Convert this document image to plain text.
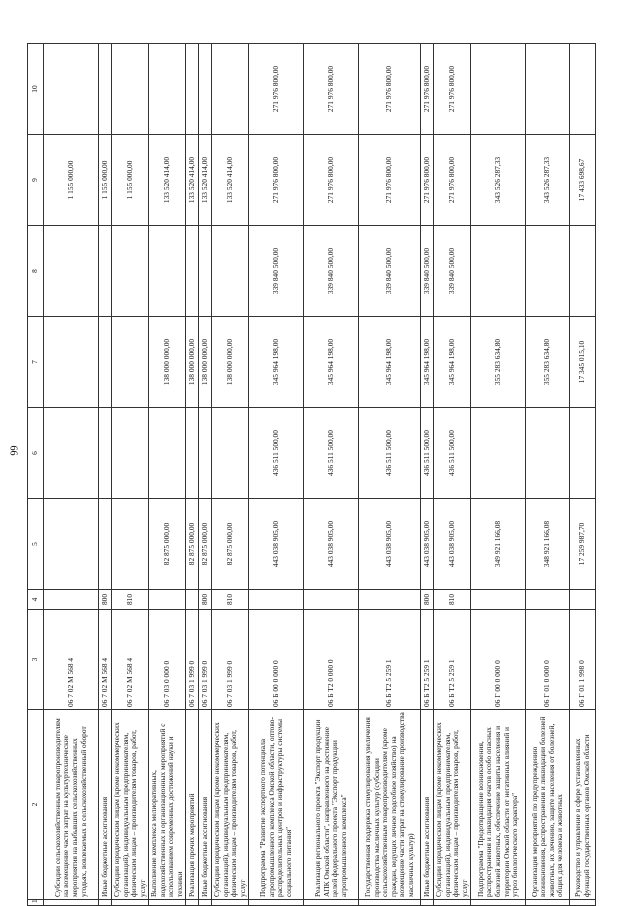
66
1	2	3	4	5	6	7	8	9	10
	Субсидии сельскохозяйственным товаропроизводителям на возмещение части затрат на культуртехнические мероприятия на выбывших сельскохозяйственных угодьях, вовлекаемых в сельскохозяйственный оборот	06 7 02 M 568 4						1 155 000,00	
	Иные бюджетные ассигнования	06 7 02 M 568 4	800					1 155 000,00	
	Субсидии юридическим лицам (кроме некоммерческих организаций), индивидуальным предпринимателям, физическим лицам – производителям товаров, работ, услуг	06 7 02 M 568 4	810					1 155 000,00	
	Выполнение комплекса мелиоративных, водохозяйственных и организационных мероприятий с использованием современных достижений науки и техники	06 7 03 0 000 0		82 875 000,00		138 000 000,00		133 520 414,00	
	Реализация прочих мероприятий	06 7 03 1 999 0		82 875 000,00		138 000 000,00		133 520 414,00	
	Иные бюджетные ассигнования	06 7 03 1 999 0	800	82 875 000,00		138 000 000,00		133 520 414,00	
	Субсидии юридическим лицам (кроме некоммерческих организаций), индивидуальным предпринимателям, физическим лицам – производителям товаров, работ, услуг	06 7 03 1 999 0	810	82 875 000,00		138 000 000,00		133 520 414,00	
	Подпрограмма "Развитие экспортного потенциала агропромышленного комплекса Омской области, оптово-распределительных центров и инфраструктуры системы социального питания"	06 Б 00 0 000 0		443 038 905,00	436 511 500,00	345 964 198,00	339 840 500,00	271 976 800,00	271 976 800,00
	Реализация регионального проекта "Экспорт продукции АПК Омской области", направленного на достижение целей федерального проекта "Экспорт продукции агропромышленного комплекса"	06 Б T2 0 000 0		443 038 905,00	436 511 500,00	345 964 198,00	339 840 500,00	271 976 800,00	271 976 800,00
	Государственная поддержка стимулирования увеличения производства масличных культур (субсидии сельскохозяйственным товаропроизводителям (кроме граждан, ведущих личное подсобное хозяйство) на возмещение части затрат на стимулирование производства масличных культур)	06 Б T2 5 259 1		443 038 905,00	436 511 500,00	345 964 198,00	339 840 500,00	271 976 800,00	271 976 800,00
	Иные бюджетные ассигнования	06 Б T2 5 259 1	800	443 038 905,00	436 511 500,00	345 964 198,00	339 840 500,00	271 976 800,00	271 976 800,00
	Субсидии юридическим лицам (кроме некоммерческих организаций), индивидуальным предпринимателям, физическим лицам – производителям товаров, работ, услуг	06 Б T2 5 259 1	810	443 038 905,00	436 511 500,00	345 964 198,00	339 840 500,00	271 976 800,00	271 976 800,00
	Подпрограмма "Предотвращение возникновения, распространения и ликвидация очагов особо опасных болезней животных, обеспечение защиты населения и территории Омской области от негативных влияний и угроз биологического характера"	06 Г 00 0 000 0		349 921 166,08		355 283 634,80		343 526 287,33	
	Организация мероприятий по предупреждению возникновения, распространения и ликвидации болезней животных, их лечению, защите населения от болезней, общих для человека и животных	06 Г 01 0 000 0		348 921 166,08		355 283 634,80		343 526 287,33	
	Руководство и управление в сфере установленных функций государственных органов Омской области	06 Г 01 1 998 0		17 259 987,70		17 345 015,10		17 433 698,67	
